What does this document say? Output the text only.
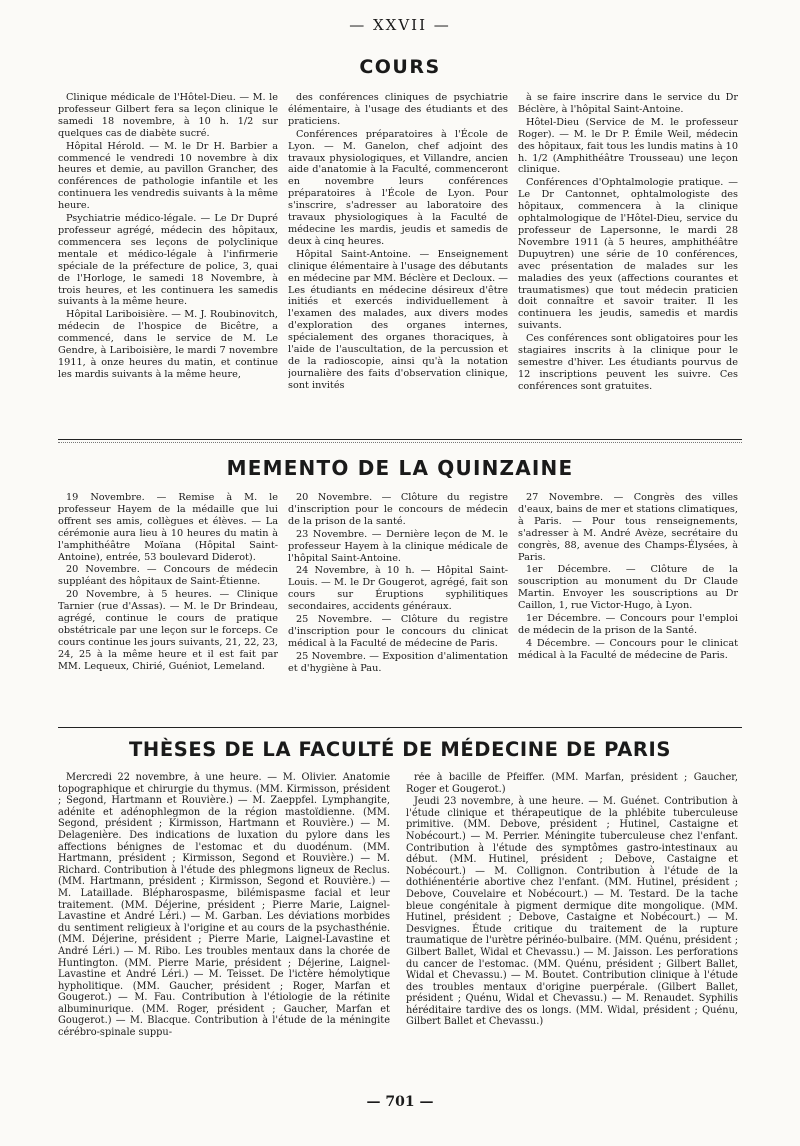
— XXVII —
COURS

Clinique médicale de l'Hôtel-Dieu. — M. le professeur Gilbert fera sa leçon clinique le samedi 18 novembre, à 10 h. 1/2 sur quelques cas de diabète sucré.

Hôpital Hérold. — M. le Dr H. Barbier a commencé le vendredi 10 novembre à dix heures et demie, au pavillon Grancher, des conférences de pathologie infantile et les continuera les vendredis suivants à la même heure.

Psychiatrie médico-légale. — Le Dr Dupré professeur agrégé, médecin des hôpitaux, commencera ses leçons de polyclinique mentale et médico-légale à l'infirmerie spéciale de la préfecture de police, 3, quai de l'Horloge, le samedi 18 Novembre, à trois heures, et les continuera les samedis suivants à la même heure.

Hôpital Lariboisière. — M. J. Roubinovitch, médecin de l'hospice de Bicêtre, a commencé, dans le service de M. Le Gendre, à Lariboisière, le mardi 7 novembre 1911, à onze heures du matin, et continue les mardis suivants à la même heure,

des conférences cliniques de psychiatrie élémentaire, à l'usage des étudiants et des praticiens.

Conférences préparatoires à l'École de Lyon. — M. Ganelon, chef adjoint des travaux physiologiques, et Villandre, ancien aide d'anatomie à la Faculté, commenceront en novembre leurs conférences préparatoires à l'École de Lyon. Pour s'inscrire, s'adresser au laboratoire des travaux physiologiques à la Faculté de médecine les mardis, jeudis et samedis de deux à cinq heures.

Hôpital Saint-Antoine. — Enseignement clinique élémentaire à l'usage des débutants en médecine par MM. Béclère et Decloux. — Les étudiants en médecine désireux d'être initiés et exercés individuellement à l'examen des malades, aux divers modes d'exploration des organes internes, spécialement des organes thoraciques, à l'aide de l'auscultation, de la percussion et de la radioscopie, ainsi qu'à la notation journalière des faits d'observation clinique, sont invités

à se faire inscrire dans le service du Dr Béclère, à l'hôpital Saint-Antoine.

Hôtel-Dieu (Service de M. le professeur Roger). — M. le Dr P. Émile Weil, médecin des hôpitaux, fait tous les lundis matins à 10 h. 1/2 (Amphithéâtre Trousseau) une leçon clinique.

Conférences d'Ophtalmologie pratique. — Le Dr Cantonnet, ophtalmologiste des hôpitaux, commencera à la clinique ophtalmologique de l'Hôtel-Dieu, service du professeur de Lapersonne, le mardi 28 Novembre 1911 (à 5 heures, amphithéâtre Dupuytren) une série de 10 conférences, avec présentation de malades sur les maladies des yeux (affections courantes et traumatismes) que tout médecin praticien doit connaître et savoir traiter. Il les continuera les jeudis, samedis et mardis suivants.

Ces conférences sont obligatoires pour les stagiaires inscrits à la clinique pour le semestre d'hiver. Les étudiants pourvus de 12 inscriptions peuvent les suivre. Ces conférences sont gratuites.

MEMENTO DE LA QUINZAINE

19 Novembre. — Remise à M. le professeur Hayem de la médaille que lui offrent ses amis, collègues et élèves. — La cérémonie aura lieu à 10 heures du matin à l'amphithéâtre Moïana (Hôpital Saint-Antoine), entrée, 53 boulevard Diderot).

20 Novembre. — Concours de médecin suppléant des hôpitaux de Saint-Étienne.

20 Novembre, à 5 heures. — Clinique Tarnier (rue d'Assas). — M. le Dr Brindeau, agrégé, continue le cours de pratique obstétricale par une leçon sur le forceps. Ce cours continue les jours suivants, 21, 22, 23, 24, 25 à la même heure et il est fait par MM. Lequeux, Chirié, Guéniot, Lemeland.

20 Novembre. — Clôture du registre d'inscription pour le concours de médecin de la prison de la santé.

23 Novembre. — Dernière leçon de M. le professeur Hayem à la clinique médicale de l'hôpital Saint-Antoine.

24 Novembre, à 10 h. — Hôpital Saint-Louis. — M. le Dr Gougerot, agrégé, fait son cours sur Éruptions syphilitiques secondaires, accidents généraux.

25 Novembre. — Clôture du registre d'inscription pour le concours du clinicat médical à la Faculté de médecine de Paris.

25 Novembre. — Exposition d'alimentation et d'hygiène à Pau.

27 Novembre. — Congrès des villes d'eaux, bains de mer et stations climatiques, à Paris. — Pour tous renseignements, s'adresser à M. André Avèze, secrétaire du congrès, 88, avenue des Champs-Élysées, à Paris.

1er Décembre. — Clôture de la souscription au monument du Dr Claude Martin. Envoyer les souscriptions au Dr Caillon, 1, rue Victor-Hugo, à Lyon.

1er Décembre. — Concours pour l'emploi de médecin de la prison de la Santé.

4 Décembre. — Concours pour le clinicat médical à la Faculté de médecine de Paris.

THÈSES DE LA FACULTÉ DE MÉDECINE DE PARIS

Mercredi 22 novembre, à une heure. — M. Olivier. Anatomie topographique et chirurgie du thymus. (MM. Kirmisson, président ; Segond, Hartmann et Rouvière.) — M. Zaeppfel. Lymphangite, adénite et adénophlegmon de la région mastoïdienne. (MM. Segond, président ; Kirmisson, Hartmann et Rouvière.) — M. Delagenière. Des indications de luxation du pylore dans les affections bénignes de l'estomac et du duodénum. (MM. Hartmann, président ; Kirmisson, Segond et Rouvière.) — M. Richard. Contribution à l'étude des phlegmons ligneux de Reclus. (MM. Hartmann, président ; Kirmisson, Segond et Rouvière.) — M. Lataillade. Blépharospasme, bilémispasme facial et leur traitement. (MM. Déjerine, président ; Pierre Marie, Laignel-Lavastine et André Léri.) — M. Garban. Les déviations morbides du sentiment religieux à l'origine et au cours de la psychasthénie. (MM. Déjerine, président ; Pierre Marie, Laignel-Lavastine et André Léri.) — M. Ribo. Les troubles mentaux dans la chorée de Huntington. (MM. Pierre Marie, président ; Déjerine, Laignel-Lavastine et André Léri.) — M. Teisset. De l'ictère hémolytique hypholitique. (MM. Gaucher, président ; Roger, Marfan et Gougerot.) — M. Fau. Contribution à l'étiologie de la rétinite albuminurique. (MM. Roger, président ; Gaucher, Marfan et Gougerot.) — M. Blacque. Contribution à l'étude de la méningite cérébro-spinale suppu-

rée à bacille de Pfeiffer. (MM. Marfan, président ; Gaucher, Roger et Gougerot.)

Jeudi 23 novembre, à une heure. — M. Guénet. Contribution à l'étude clinique et thérapeutique de la phlébite tuberculeuse primitive. (MM. Debove, président ; Hutinel, Castaigne et Nobécourt.) — M. Perrier. Méningite tuberculeuse chez l'enfant. Contribution à l'étude des symptômes gastro-intestinaux au début. (MM. Hutinel, président ; Debove, Castaigne et Nobécourt.) — M. Collignon. Contribution à l'étude de la dothiénentérie abortive chez l'enfant. (MM. Hutinel, président ; Debove, Couvelaire et Nobécourt.) — M. Testard. De la tache bleue congénitale à pigment dermique dite mongolique. (MM. Hutinel, président ; Debove, Castaigne et Nobécourt.) — M. Desvignes. Étude critique du traitement de la rupture traumatique de l'urètre périnéo-bulbaire. (MM. Quénu, président ; Gilbert Ballet, Widal et Chevassu.) — M. Jaisson. Les perforations du cancer de l'estomac. (MM. Quénu, président ; Gilbert Ballet, Widal et Chevassu.) — M. Boutet. Contribution clinique à l'étude des troubles mentaux d'origine puerpérale. (Gilbert Ballet, président ; Quénu, Widal et Chevassu.) — M. Renaudet. Syphilis héréditaire tardive des os longs. (MM. Widal, président ; Quénu, Gilbert Ballet et Chevassu.)

— 701 —
